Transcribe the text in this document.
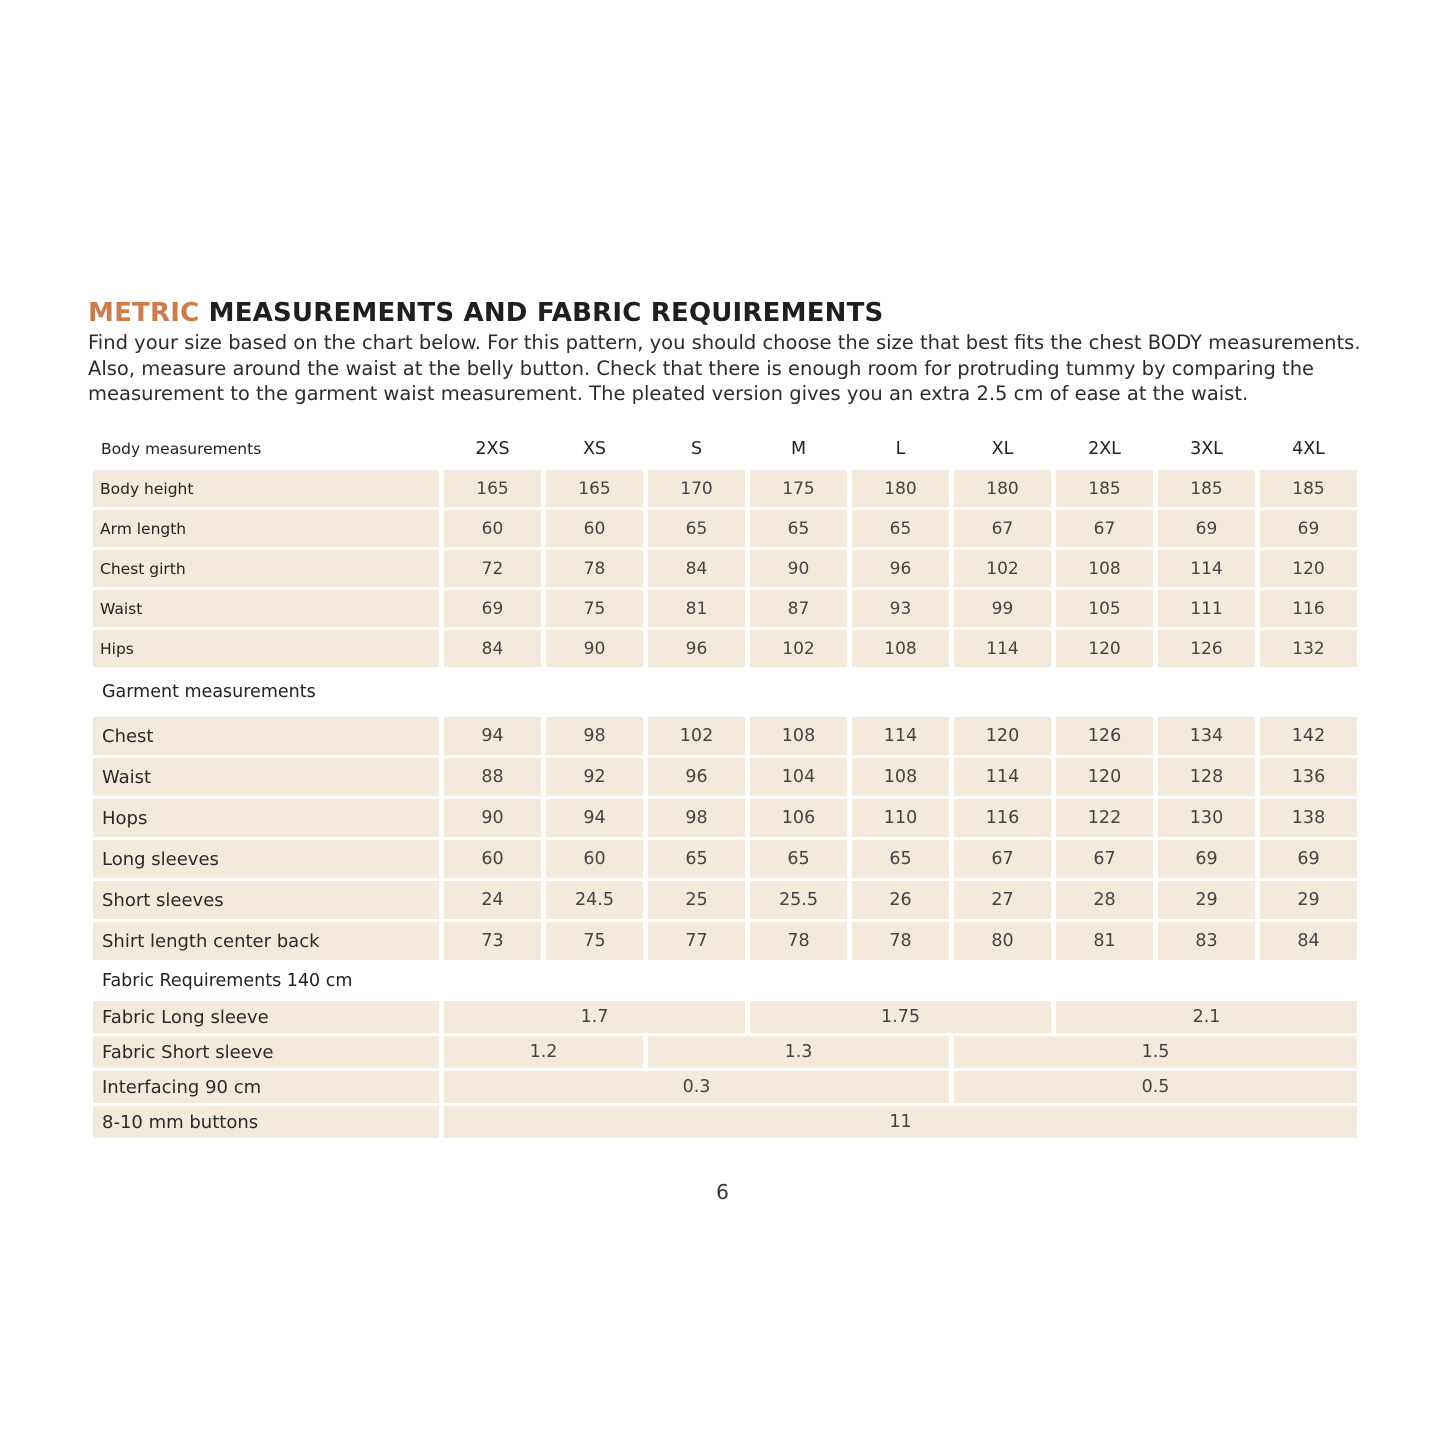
METRIC MEASUREMENTS AND FABRIC REQUIREMENTS

Find your size based on the chart below. For this pattern, you should choose the size that best fits the chest BODY measurements. Also, measure around the waist at the belly button. Check that there is enough room for protruding tummy by comparing the measurement to the garment waist measurement. The pleated version gives you an extra 2.5 cm of ease at the waist.

Body measurements	2XS	XS	S	M	L	XL	2XL	3XL	4XL
Body height	165	165	170	175	180	180	185	185	185
Arm length	60	60	65	65	65	67	67	69	69
Chest girth	72	78	84	90	96	102	108	114	120
Waist	69	75	81	87	93	99	105	111	116
Hips	84	90	96	102	108	114	120	126	132
Garment measurements									
Chest	94	98	102	108	114	120	126	134	142
Waist	88	92	96	104	108	114	120	128	136
Hops	90	94	98	106	110	116	122	130	138
Long sleeves	60	60	65	65	65	67	67	69	69
Short sleeves	24	24.5	25	25.5	26	27	28	29	29
Shirt length center back	73	75	77	78	78	80	81	83	84
Fabric Requirements 140 cm									
Fabric Long sleeve	1.7			1.75			2.1		
Fabric Short sleeve	1.2		1.3			1.5			
Interfacing 90 cm	0.3					0.5			
8-10 mm buttons	11								
6
